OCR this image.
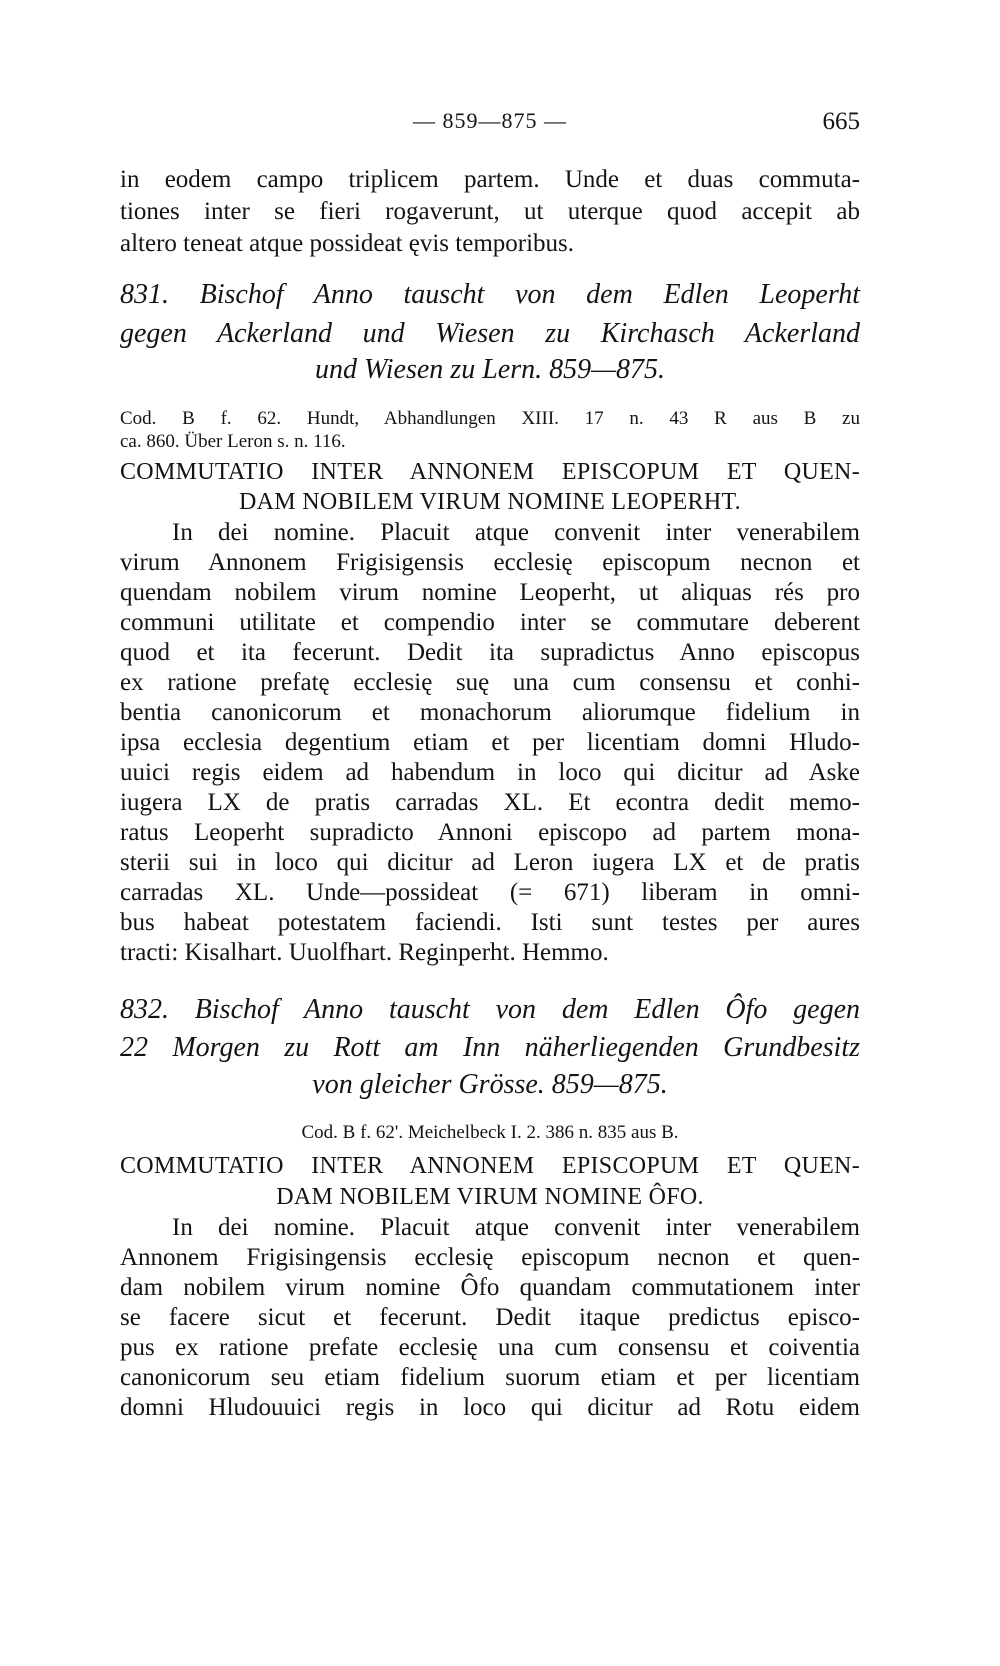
— 859—875 —	665

in eodem campo triplicem partem. Unde et duas commuta-

tiones inter se fieri rogaverunt, ut uterque quod accepit ab

altero teneat atque possideat ęvis temporibus.

831. Bischof Anno tauscht von dem Edlen Leoperht

gegen Ackerland und Wiesen zu Kirchasch Ackerland

und Wiesen zu Lern. 859—875.

Cod. B f. 62. Hundt, Abhandlungen XIII. 17 n. 43 R aus B zu

ca. 860. Über Leron s. n. 116.

COMMUTATIO INTER ANNONEM EPISCOPUM ET QUEN-

DAM NOBILEM VIRUM NOMINE LEOPERHT.

In dei nomine. Placuit atque convenit inter venerabilem

virum Annonem Frigisigensis ecclesię episcopum necnon et

quendam nobilem virum nomine Leoperht, ut aliquas rés pro

communi utilitate et compendio inter se commutare deberent

quod et ita fecerunt. Dedit ita supradictus Anno episcopus

ex ratione prefatę ecclesię suę una cum consensu et conhi-

bentia canonicorum et monachorum aliorumque fidelium in

ipsa ecclesia degentium etiam et per licentiam domni Hludo-

uuici regis eidem ad habendum in loco qui dicitur ad Aske

iugera LX de pratis carradas XL. Et econtra dedit memo-

ratus Leoperht supradicto Annoni episcopo ad partem mona-

sterii sui in loco qui dicitur ad Leron iugera LX et de pratis

carradas XL. Unde—possideat (= 671) liberam in omni-

bus habeat potestatem faciendi. Isti sunt testes per aures

tracti: Kisalhart. Uuolfhart. Reginperht. Hemmo.

832. Bischof Anno tauscht von dem Edlen Ôfo gegen

22 Morgen zu Rott am Inn näherliegenden Grundbesitz

von gleicher Grösse. 859—875.

Cod. B f. 62'. Meichelbeck I. 2. 386 n. 835 aus B.

COMMUTATIO INTER ANNONEM EPISCOPUM ET QUEN-

DAM NOBILEM VIRUM NOMINE ÔFO.

In dei nomine. Placuit atque convenit inter venerabilem

Annonem Frigisingensis ecclesię episcopum necnon et quen-

dam nobilem virum nomine Ôfo quandam commutationem inter

se facere sicut et fecerunt. Dedit itaque predictus episco-

pus ex ratione prefate ecclesię una cum consensu et coiventia

canonicorum seu etiam fidelium suorum etiam et per licentiam

domni Hludouuici regis in loco qui dicitur ad Rotu eidem
